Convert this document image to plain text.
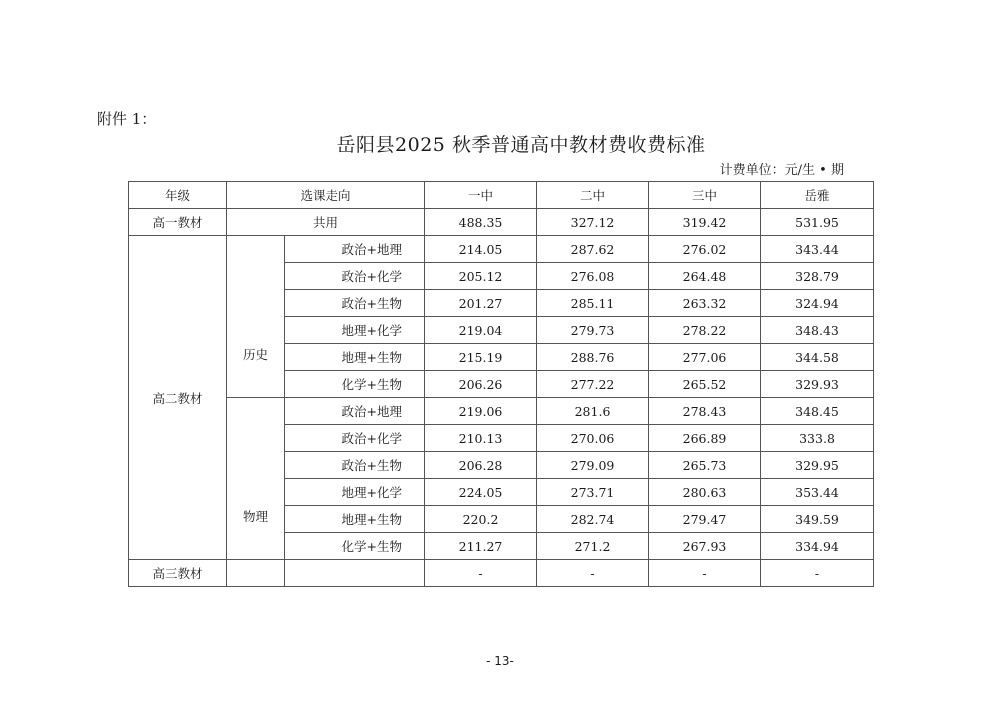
附件 1：
岳阳县2025 秋季普通高中教材费收费标准
计费单位：元/生 • 期
年级	选课走向		一中	二中	三中	岳雅
高一教材	共用		488.35	327.12	319.42	531.95
高二教材	历史	政治+地理	214.05	287.62	276.02	343.44
		政治+化学	205.12	276.08	264.48	328.79
		政治+生物	201.27	285.11	263.32	324.94
		地理+化学	219.04	279.73	278.22	348.43
		地理+生物	215.19	288.76	277.06	344.58
		化学+生物	206.26	277.22	265.52	329.93
	物理	政治+地理	219.06	281.6	278.43	348.45
		政治+化学	210.13	270.06	266.89	333.8
		政治+生物	206.28	279.09	265.73	329.95
		地理+化学	224.05	273.71	280.63	353.44
		地理+生物	220.2	282.74	279.47	349.59
		化学+生物	211.27	271.2	267.93	334.94
高三教材			-	-	-	-
- 13-
